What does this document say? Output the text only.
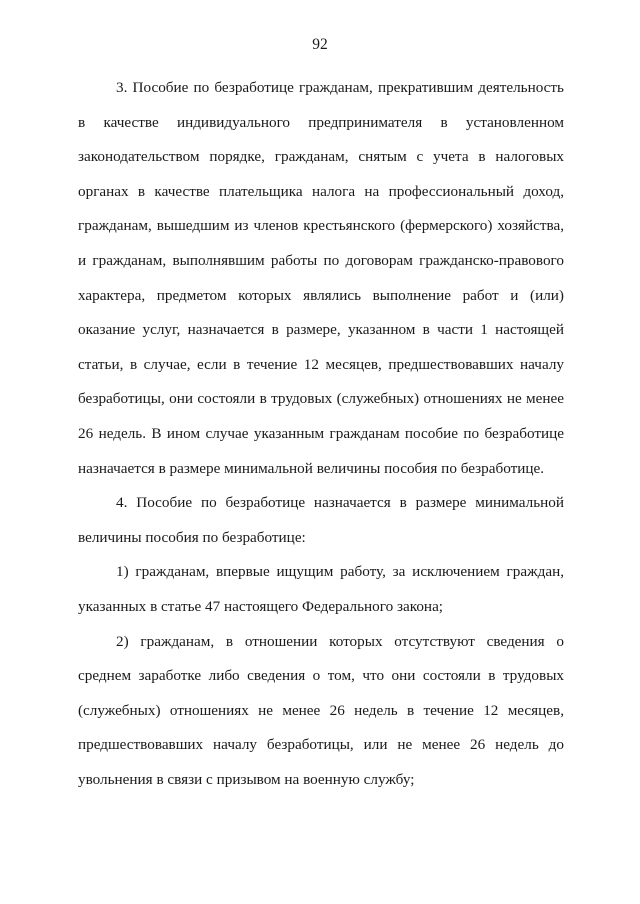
92

3. Пособие по безработице гражданам, прекратившим деятельность в качестве индивидуального предпринимателя в установленном законодательством порядке, гражданам, снятым с учета в налоговых органах в качестве плательщика налога на профессиональный доход, гражданам, вышедшим из членов крестьянского (фермерского) хозяйства, и гражданам, выполнявшим работы по договорам гражданско-правового характера, предметом которых являлись выполнение работ и (или) оказание услуг, назначается в размере, указанном в части 1 настоящей статьи, в случае, если в течение 12 месяцев, предшествовавших началу безработицы, они состояли в трудовых (служебных) отношениях не менее 26 недель. В ином случае указанным гражданам пособие по безработице назначается в размере минимальной величины пособия по безработице.

4. Пособие по безработице назначается в размере минимальной величины пособия по безработице:

1) гражданам, впервые ищущим работу, за исключением граждан, указанных в статье 47 настоящего Федерального закона;

2) гражданам, в отношении которых отсутствуют сведения о среднем заработке либо сведения о том, что они состояли в трудовых (служебных) отношениях не менее 26 недель в течение 12 месяцев, предшествовавших началу безработицы, или не менее 26 недель до увольнения в связи с призывом на военную службу;
